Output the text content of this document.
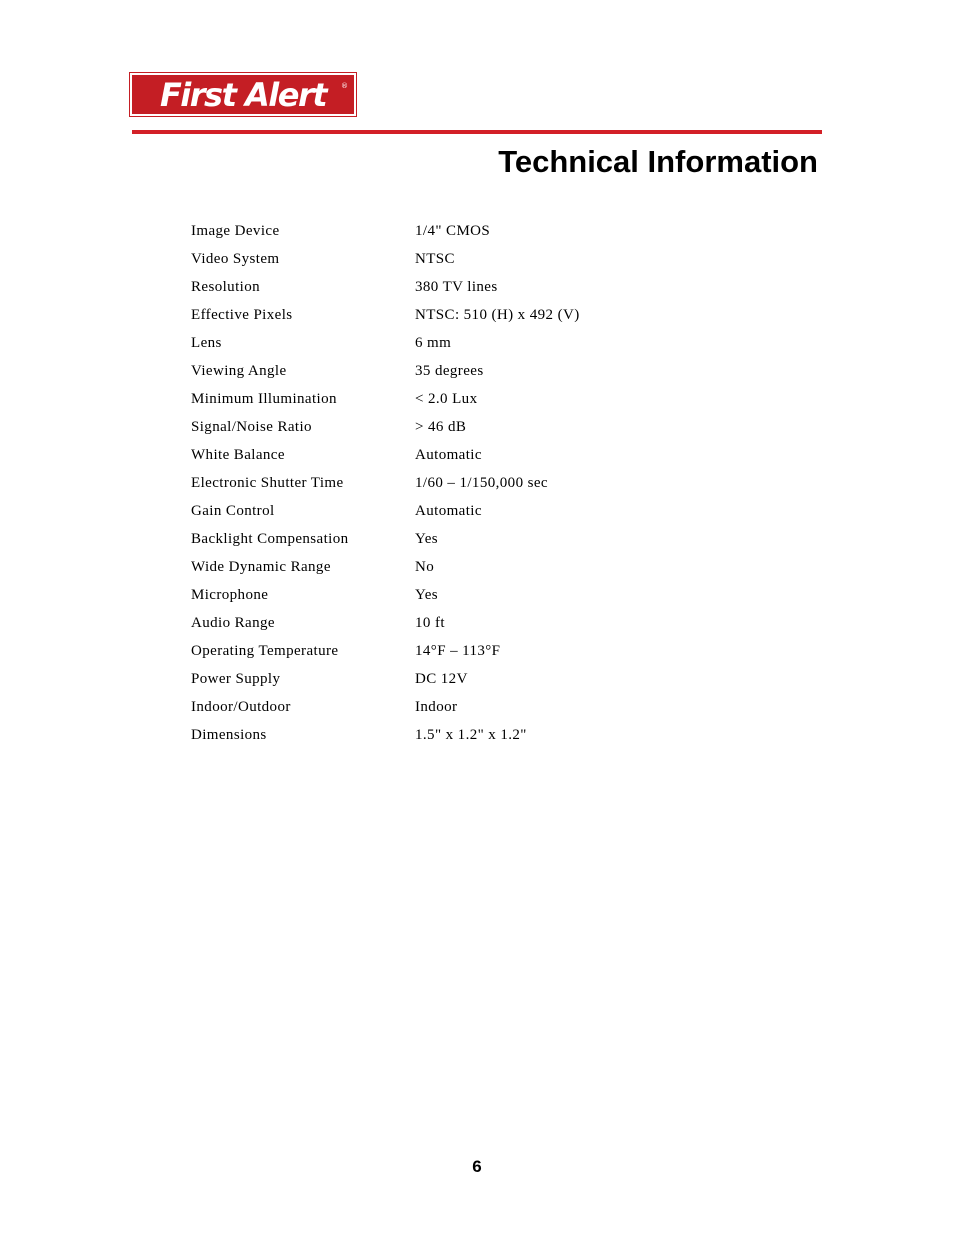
First Alert ®
Technical Information
Image Device	1/4" CMOS
Video System	NTSC
Resolution	380 TV lines
Effective Pixels	NTSC: 510 (H) x 492 (V)
Lens	6 mm
Viewing Angle	35 degrees
Minimum Illumination	< 2.0 Lux
Signal/Noise Ratio	> 46 dB
White Balance	Automatic
Electronic Shutter Time	1/60 – 1/150,000 sec
Gain Control	Automatic
Backlight Compensation	Yes
Wide Dynamic Range	No
Microphone	Yes
Audio Range	10 ft
Operating Temperature	14°F – 113°F
Power Supply	DC 12V
Indoor/Outdoor	Indoor
Dimensions	1.5" x 1.2" x 1.2"
6
